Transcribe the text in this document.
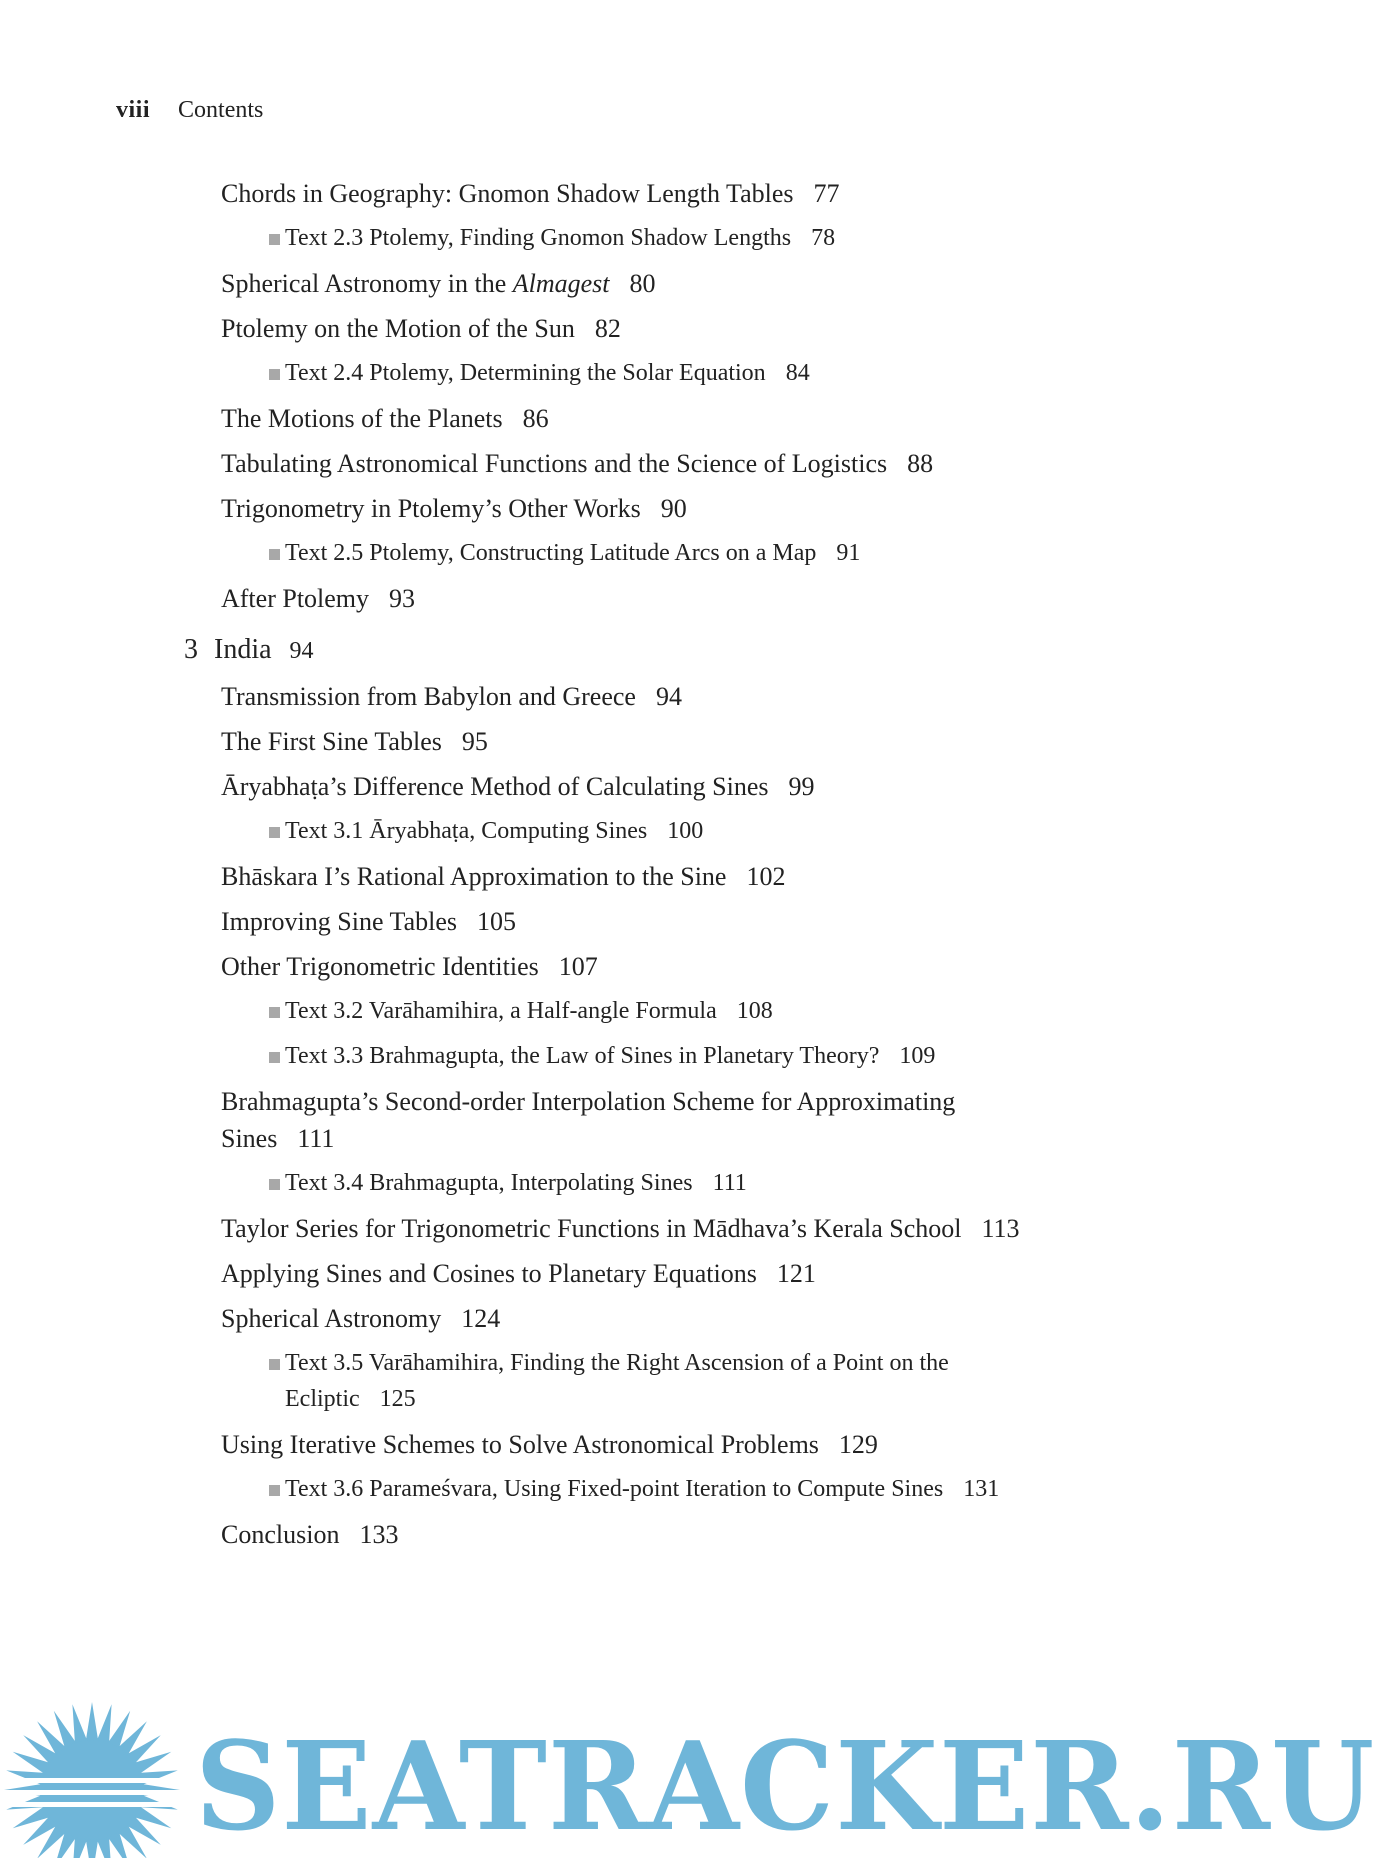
viii Contents
Chords in Geography: Gnomon Shadow Length Tables 77
Text 2.3 Ptolemy, Finding Gnomon Shadow Lengths 78
Spherical Astronomy in the Almagest 80
Ptolemy on the Motion of the Sun 82
Text 2.4 Ptolemy, Determining the Solar Equation 84
The Motions of the Planets 86
Tabulating Astronomical Functions and the Science of Logistics 88
Trigonometry in Ptolemy’s Other Works 90
Text 2.5 Ptolemy, Constructing Latitude Arcs on a Map 91
After Ptolemy 93
3 India 94
Transmission from Babylon and Greece 94
The First Sine Tables 95
Āryabhaṭa’s Difference Method of Calculating Sines 99
Text 3.1 Āryabhaṭa, Computing Sines 100
Bhāskara I’s Rational Approximation to the Sine 102
Improving Sine Tables 105
Other Trigonometric Identities 107
Text 3.2 Varāhamihira, a Half-angle Formula 108
Text 3.3 Brahmagupta, the Law of Sines in Planetary Theory? 109
Brahmagupta’s Second-order Interpolation Scheme for Approximating Sines 111
Text 3.4 Brahmagupta, Interpolating Sines 111
Taylor Series for Trigonometric Functions in Mādhava’s Kerala School 113
Applying Sines and Cosines to Planetary Equations 121
Spherical Astronomy 124
Text 3.5 Varāhamihira, Finding the Right Ascension of a Point on the Ecliptic 125
Using Iterative Schemes to Solve Astronomical Problems 129
Text 3.6 Parameśvara, Using Fixed-point Iteration to Compute Sines 131
Conclusion 133
SEATRACKER.RU
